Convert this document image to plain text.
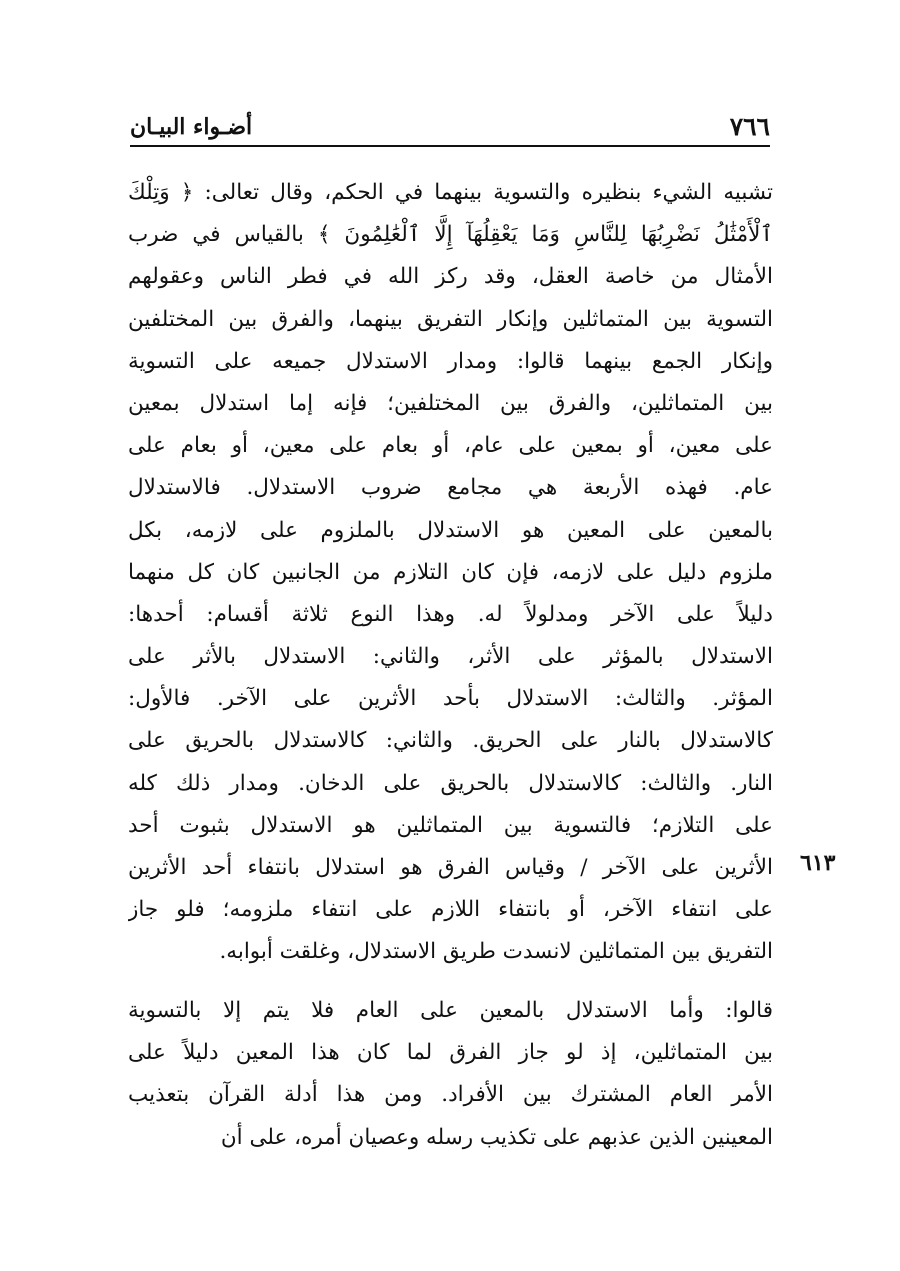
٧٦٦
أضـواء البيـان
تشبيه الشيء بنظيره والتسوية بينهما في الحكم، وقال تعالى: ﴿ وَتِلْكَ
ٱلْأَمْثَٰلُ نَضْرِبُهَا لِلنَّاسِ وَمَا يَعْقِلُهَآ إِلَّا ٱلْعَٰلِمُونَ ﴾ بالقياس في ضرب
الأمثال من خاصة العقل، وقد ركز الله في فطر الناس وعقولهم
التسوية بين المتماثلين وإنكار التفريق بينهما، والفرق بين المختلفين
وإنكار الجمع بينهما قالوا: ومدار الاستدلال جميعه على التسوية
بين المتماثلين، والفرق بين المختلفين؛ فإنه إما استدلال بمعين
على معين، أو بمعين على عام، أو بعام على معين، أو بعام على
عام. فهذه الأربعة هي مجامع ضروب الاستدلال. فالاستدلال
بالمعين على المعين هو الاستدلال بالملزوم على لازمه، بكل
ملزوم دليل على لازمه، فإن كان التلازم من الجانبين كان كل منهما
دليلاً على الآخر ومدلولاً له. وهذا النوع ثلاثة أقسام: أحدها:
الاستدلال بالمؤثر على الأثر، والثاني: الاستدلال بالأثر على
المؤثر. والثالث: الاستدلال بأحد الأثرين على الآخر. فالأول:
كالاستدلال بالنار على الحريق. والثاني: كالاستدلال بالحريق على
النار. والثالث: كالاستدلال بالحريق على الدخان. ومدار ذلك كله
على التلازم؛ فالتسوية بين المتماثلين هو الاستدلال بثبوت أحد
الأثرين على الآخر / وقياس الفرق هو استدلال بانتفاء أحد الأثرين
على انتفاء الآخر، أو بانتفاء اللازم على انتفاء ملزومه؛ فلو جاز
التفريق بين المتماثلين لانسدت طريق الاستدلال، وغلقت أبوابه.
٦١٣
قالوا: وأما الاستدلال بالمعين على العام فلا يتم إلا بالتسوية
بين المتماثلين، إذ لو جاز الفرق لما كان هذا المعين دليلاً على
الأمر العام المشترك بين الأفراد. ومن هذا أدلة القرآن بتعذيب
المعينين الذين عذبهم على تكذيب رسله وعصيان أمره، على أن
